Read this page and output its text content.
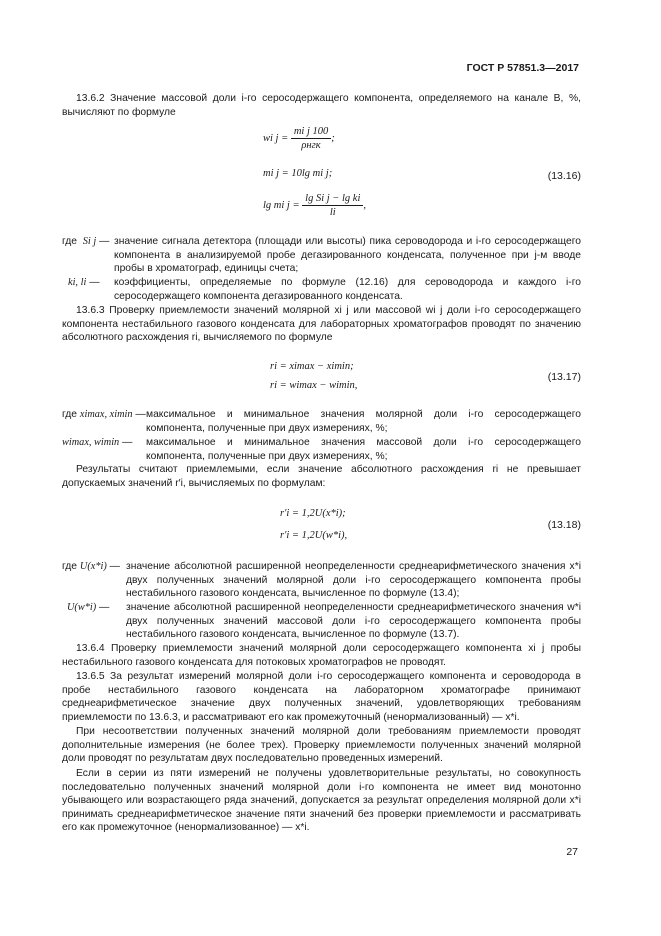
ГОСТ Р 57851.3—2017

13.6.2 Значение массовой доли i-го серосодержащего компонента, определяемого на канале В, %, вычисляют по формуле

wi $j = \frac{\text{mi j 100}}{\text{ρнгк}}$ ;
mi j = 10lg mi j;
lg mi $j = \frac{\text{lg Si j − lg ki}}{li}$ ,
(13.16)
где Si j — значение сигнала детектора (площади или высоты) пика сероводорода и i-го серосодержащего компонента в анализируемой пробе дегазированного конденсата, полученное при j-м вводе пробы в хроматограф, единицы счета;
ki, li — коэффициенты, определяемые по формуле (12.16) для сероводорода и каждого i-го серосодержащего компонента дегазированного конденсата.

13.6.3 Проверку приемлемости значений молярной xi j или массовой wi j доли i-го серосодержащего компонента нестабильного газового конденсата для лабораторных хроматографов проводят по значению абсолютного расхождения ri, вычисляемого по формуле

ri = ximax − ximin;
ri = wimax − wimin,
(13.17)
где ximax, ximin — максимальное и минимальное значения молярной доли i-го серосодержащего компонента, полученные при двух измерениях, %;
wimax, wimin — максимальное и минимальное значения массовой доли i-го серосодержащего компонента, полученные при двух измерениях, %;

Результаты считают приемлемыми, если значение абсолютного расхождения ri не превышает допускаемых значений r′i, вычисляемых по формулам:

r′i = 1,2U(x*i);
r′i = 1,2U(w*i),
(13.18)
где U(x*i) — значение абсолютной расширенной неопределенности среднеарифметического значения x*i двух полученных значений молярной доли i-го серосодержащего компонента пробы нестабильного газового конденсата, вычисленное по формуле (13.4);
U(w*i) — значение абсолютной расширенной неопределенности среднеарифметического значения w*i двух полученных значений массовой доли i-го серосодержащего компонента пробы нестабильного газового конденсата, вычисленное по формуле (13.7).

13.6.4 Проверку приемлемости значений молярной доли серосодержащего компонента xi j пробы нестабильного газового конденсата для потоковых хроматографов не проводят.

13.6.5 За результат измерений молярной доли i-го серосодержащего компонента и сероводорода в пробе нестабильного газового конденсата на лабораторном хроматографе принимают среднеарифметическое значение двух полученных значений, удовлетворяющих требованиям приемлемости по 13.6.3, и рассматривают его как промежуточный (ненормализованный) — x*i.

При несоответствии полученных значений молярной доли требованиям приемлемости проводят дополнительные измерения (не более трех). Проверку приемлемости полученных значений молярной доли проводят по результатам двух последовательно проведенных измерений.

Если в серии из пяти измерений не получены удовлетворительные результаты, но совокупность последовательно полученных значений молярной доли i-го компонента не имеет вид монотонно убывающего или возрастающего ряда значений, допускается за результат определения молярной доли x*i принимать среднеарифметическое значение пяти значений без проверки приемлемости и рассматривать его как промежуточное (ненормализованное) — x*i.

27
